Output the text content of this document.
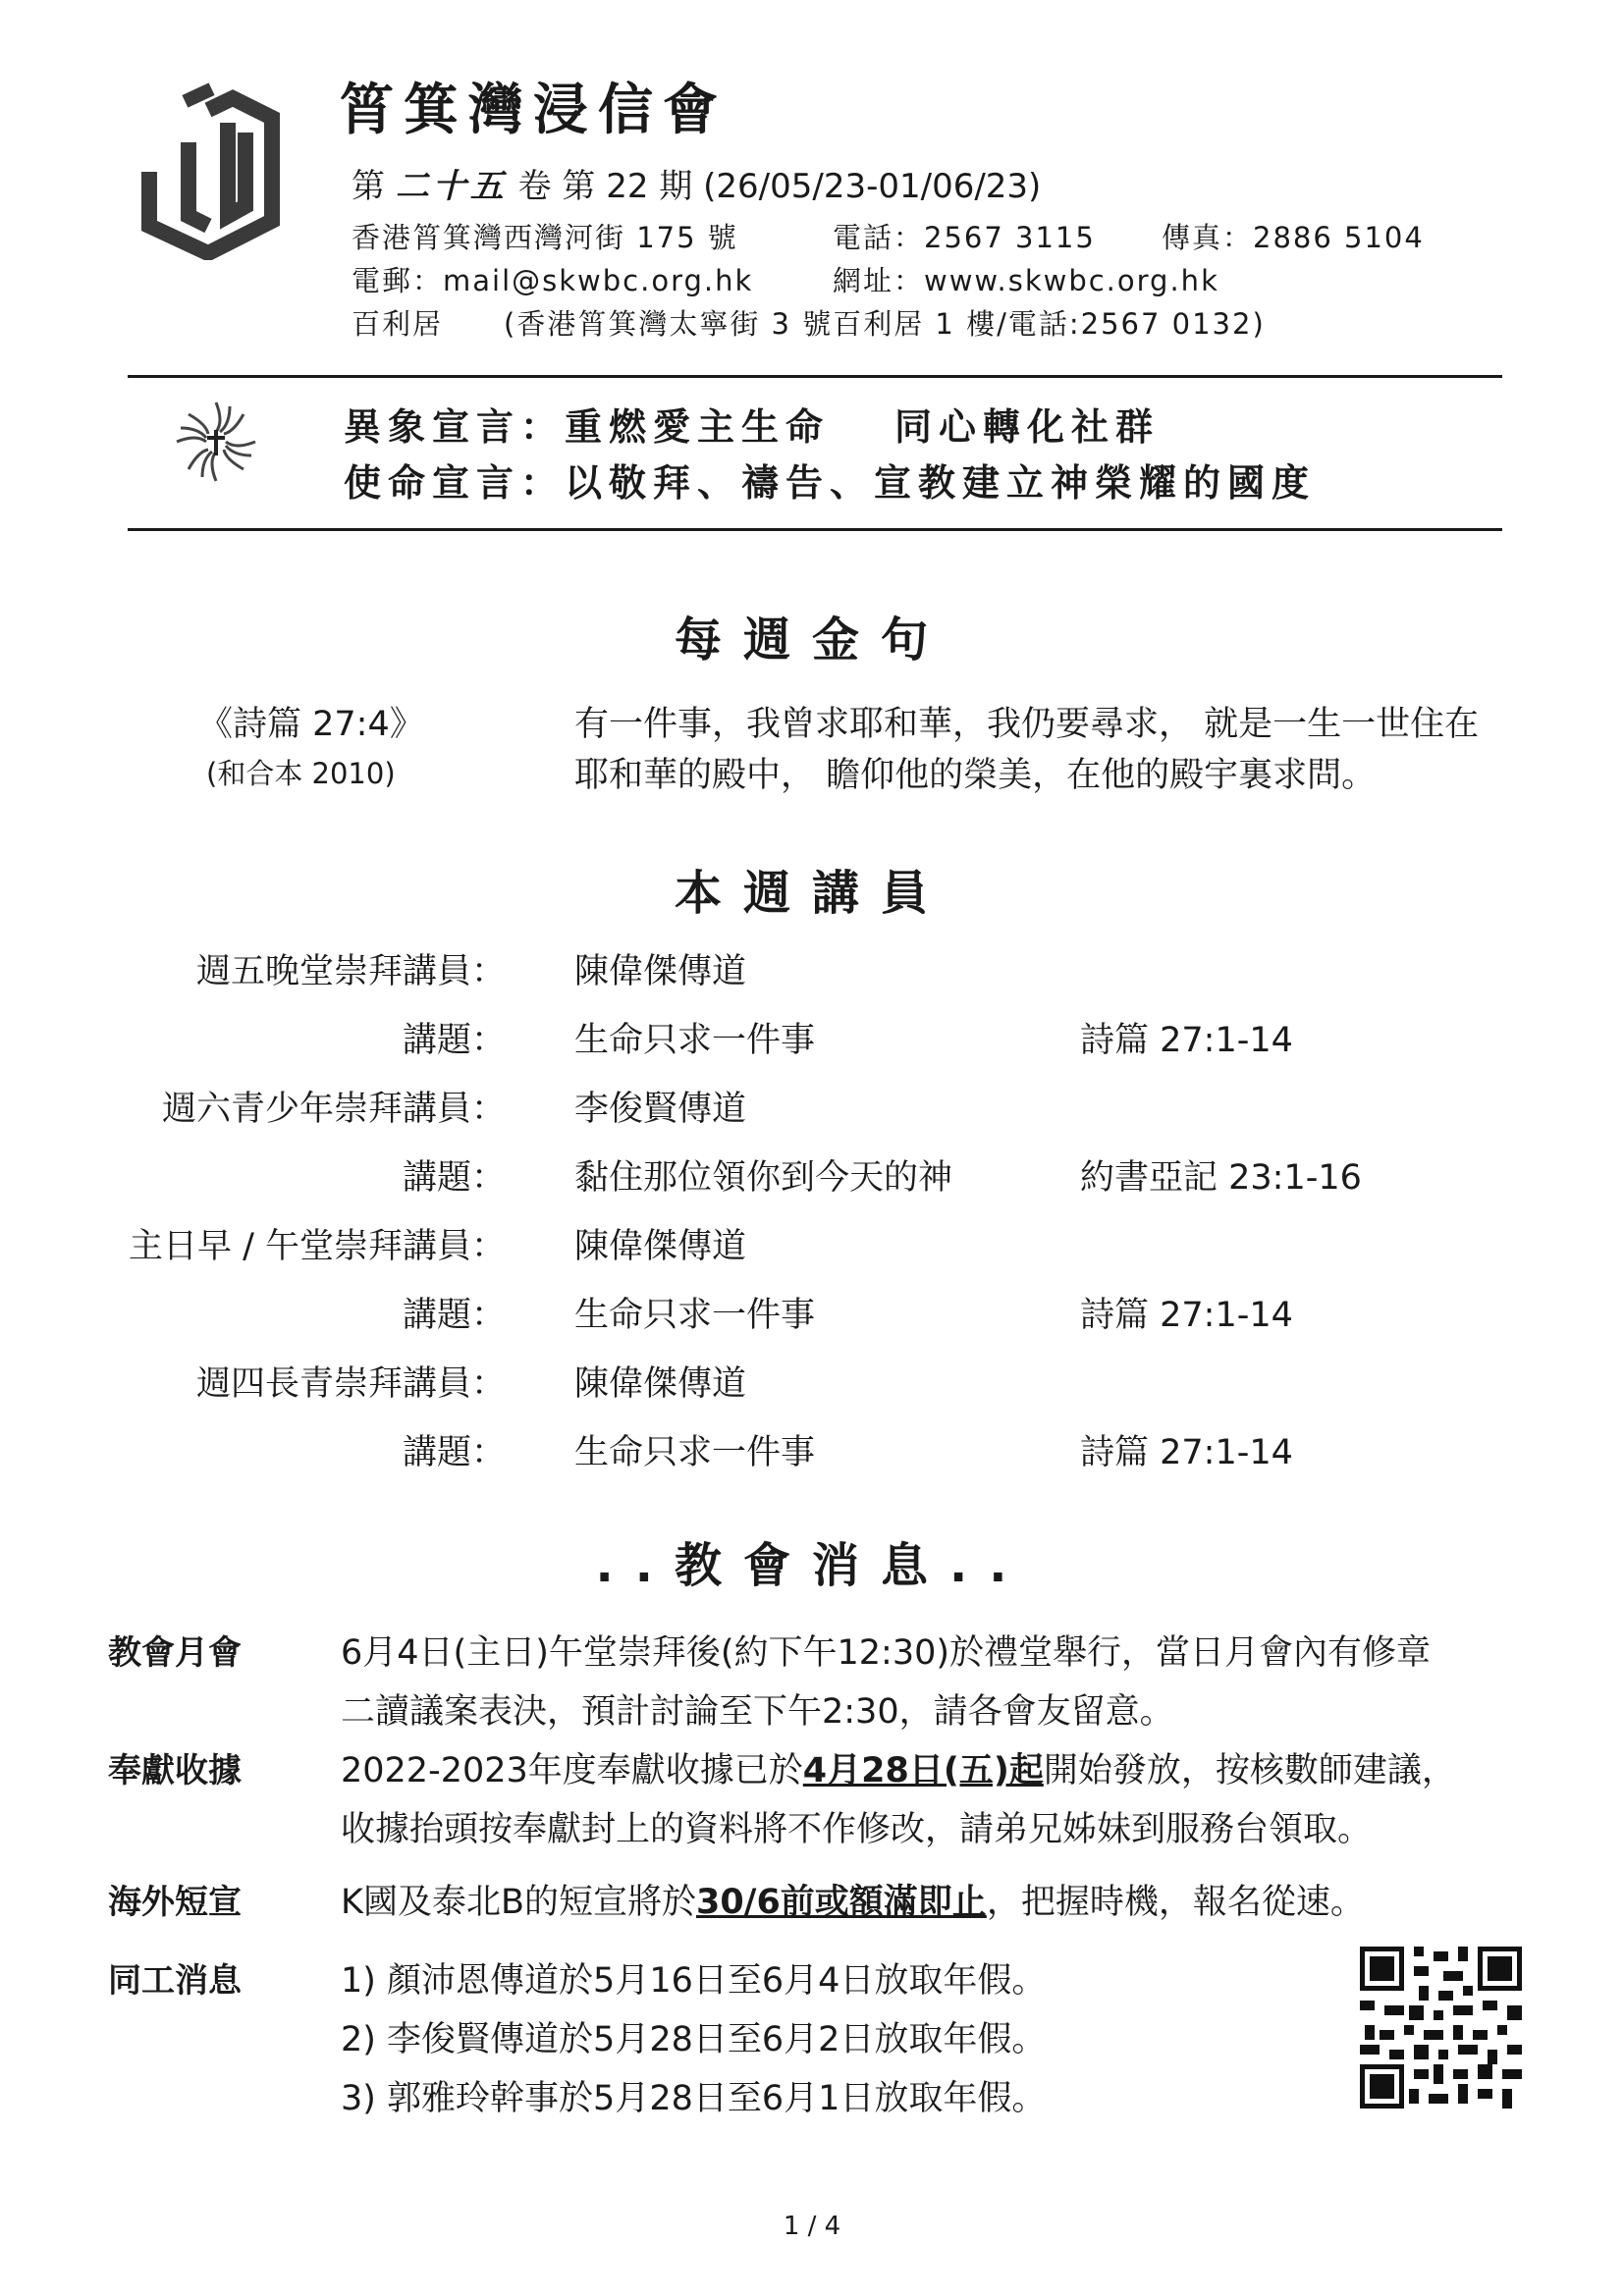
筲箕灣浸信會
第 二十五 卷 第 22 期 (26/05/23-01/06/23)
香港筲箕灣西灣河街 175 號	電話：2567 3115 傳真：2886 5104
電郵：mail@skwbc.org.hk	網址：www.skwbc.org.hk
百利居 (香港筲箕灣太寧街 3 號百利居 1 樓/電話:2567 0132)
異象宣言：重燃愛主生命 同心轉化社群
使命宣言：以敬拜、禱告、宣教建立神榮耀的國度
每週金句
《詩篇 27:4》
(和合本 2010)
有一件事，我曾求耶和華，我仍要尋求， 就是一生一世住在
耶和華的殿中， 瞻仰他的榮美，在他的殿宇裏求問。
本週講員
週五晚堂崇拜講員： 陳偉傑傳道
講題： 生命只求一件事	詩篇 27:1-14
週六青少年崇拜講員： 李俊賢傳道
講題： 黏住那位領你到今天的神	約書亞記 23:1-16
主日早 / 午堂崇拜講員： 陳偉傑傳道
講題： 生命只求一件事	詩篇 27:1-14
週四長青崇拜講員： 陳偉傑傳道
講題： 生命只求一件事	詩篇 27:1-14
..教會消息..
教會月會	6月4日(主日)午堂崇拜後(約下午12:30)於禮堂舉行，當日月會內有修章
二讀議案表決，預計討論至下午2:30，請各會友留意。
奉獻收據	2022-2023年度奉獻收據已於4月28日(五)起開始發放，按核數師建議，
收據抬頭按奉獻封上的資料將不作修改，請弟兄姊妹到服務台領取。
海外短宣	K國及泰北B的短宣將於30/6前或額滿即止，把握時機，報名從速。
同工消息	1) 顏沛恩傳道於5月16日至6月4日放取年假。
2) 李俊賢傳道於5月28日至6月2日放取年假。
3) 郭雅玲幹事於5月28日至6月1日放取年假。
1 / 4
